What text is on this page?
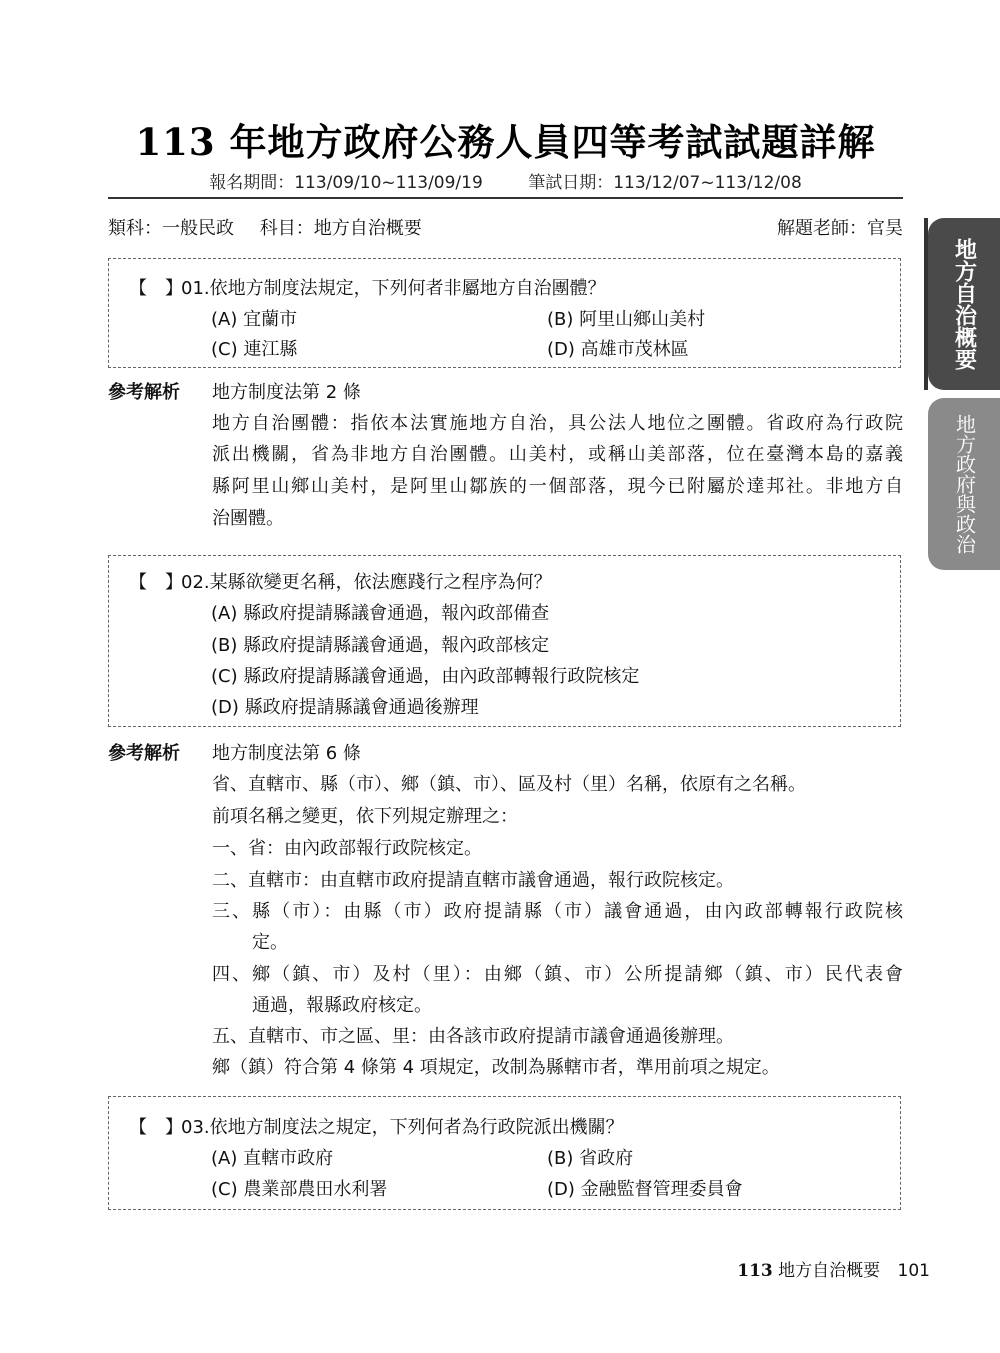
113 年地方政府公務人員四等考試試題詳解
報名期間：113/09/10~113/09/19	筆試日期：113/12/07~113/12/08
類科：一般民政 科目：地方自治概要	解題老師：官昊
地方自治概要
地方政府與政治
【　】
01.依地方制度法規定，下列何者非屬地方自治團體？
(A) 宜蘭市	(B) 阿里山鄉山美村
(C) 連江縣	(D) 高雄市茂林區
參考解析 地方制度法第 2 條
地方自治團體：指依本法實施地方自治，具公法人地位之團體。省政府為行政院
派出機關，省為非地方自治團體。山美村，或稱山美部落，位在臺灣本島的嘉義
縣阿里山鄉山美村，是阿里山鄒族的一個部落，現今已附屬於達邦社。非地方自
治團體。
【　】
02.某縣欲變更名稱，依法應踐行之程序為何？
(A) 縣政府提請縣議會通過，報內政部備查
(B) 縣政府提請縣議會通過，報內政部核定
(C) 縣政府提請縣議會通過，由內政部轉報行政院核定
(D) 縣政府提請縣議會通過後辦理
參考解析 地方制度法第 6 條
省、直轄市、縣（市）、鄉（鎮、市）、區及村（里）名稱，依原有之名稱。
前項名稱之變更，依下列規定辦理之：
一、省：由內政部報行政院核定。
二、直轄市：由直轄市政府提請直轄市議會通過，報行政院核定。
三、縣（市）：由縣（市）政府提請縣（市）議會通過，由內政部轉報行政院核
定。
四、鄉（鎮、市）及村（里）：由鄉（鎮、市）公所提請鄉（鎮、市）民代表會
通過，報縣政府核定。
五、直轄市、市之區、里：由各該市政府提請市議會通過後辦理。
鄉（鎮）符合第 4 條第 4 項規定，改制為縣轄市者，準用前項之規定。
【　】
03.依地方制度法之規定，下列何者為行政院派出機關？
(A) 直轄市政府	(B) 省政府
(C) 農業部農田水利署	(D) 金融監督管理委員會
113 地方自治概要 101
